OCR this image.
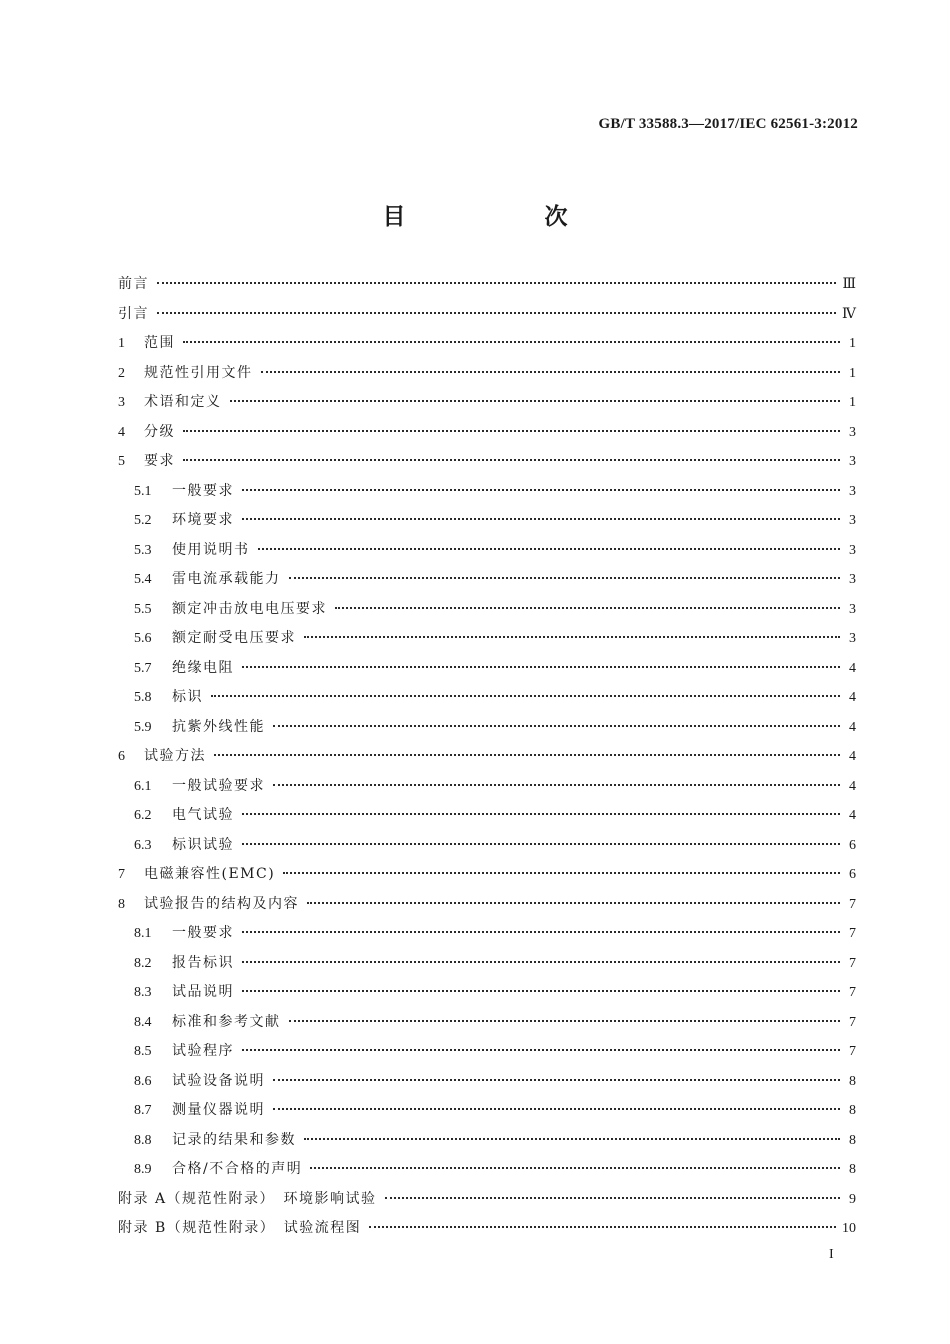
GB/T 33588.3—2017/IEC 62561-3:2012
目　次
前言	Ⅲ
引言	Ⅳ
1	范围	1
2	规范性引用文件	1
3	术语和定义	1
4	分级	3
5	要求	3
5.1	一般要求	3
5.2	环境要求	3
5.3	使用说明书	3
5.4	雷电流承载能力	3
5.5	额定冲击放电电压要求	3
5.6	额定耐受电压要求	3
5.7	绝缘电阻	4
5.8	标识	4
5.9	抗紫外线性能	4
6	试验方法	4
6.1	一般试验要求	4
6.2	电气试验	4
6.3	标识试验	6
7	电磁兼容性(EMC)	6
8	试验报告的结构及内容	7
8.1	一般要求	7
8.2	报告标识	7
8.3	试品说明	7
8.4	标准和参考文献	7
8.5	试验程序	7
8.6	试验设备说明	8
8.7	测量仪器说明	8
8.8	记录的结果和参数	8
8.9	合格/不合格的声明	8
附录 A（规范性附录）　环境影响试验	9
附录 B（规范性附录）　试验流程图	10
I
